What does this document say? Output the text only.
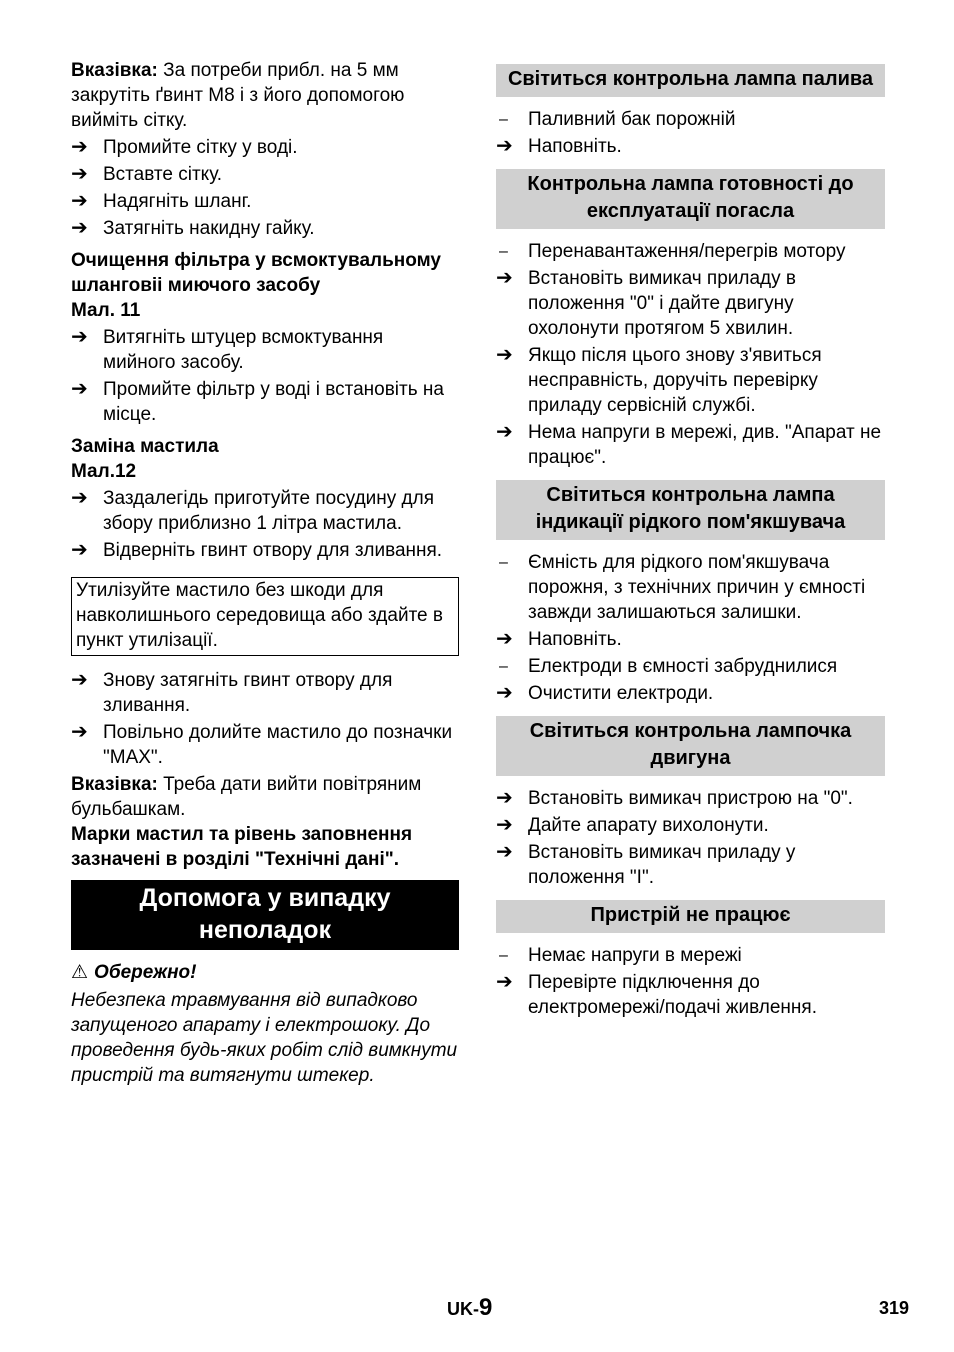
Вказівка: За потреби прибл. на 5 мм закрутіть ґвинт М8 і з його допомогою вийміть сітку.

➔ Промийте сітку у воді.
➔ Вставте сітку.
➔ Надягніть шланг.
➔ Затягніть накидну гайку.

Очищення фільтра у всмоктувальному шланговіі миючого засобу

Мал. 11

➔ Витягніть штуцер всмоктування мийного засобу.
➔ Промийте фільтр у воді і встановіть на місце.

Заміна мастила

Мал.12

➔ Заздалегідь приготуйте посудину для збору приблизно 1 літра мастила.
➔ Відверніть гвинт отвору для зливання.
Утилізуйте мастило без шкоди для навколишнього середовища або здайте в пункт утилізації.
➔ Знову затягніть гвинт отвору для зливання.
➔ Повільно долийте мастило до позначки "MAX".

Вказівка: Треба дати вийти повітряним бульбашкам.

Марки мастил та рівень заповнення зазначені в розділі "Технічні дані".

Допомога у випадку неполадок

⚠ Обережно!

Небезпека травмування від випадково запущеного апарату і електрошоку. До проведення будь-яких робіт слід вимкнути пристрій та витягнути штекер.

Світиться контрольна лампа палива
–	Паливний бак порожній
➔ Наповніть.
Контрольна лампа готовності до експлуатації погасла
–	Перенавантаження/перегрів мотору
➔ Встановіть вимикач приладу в положення "0" і дайте двигуну охолонути протягом 5 хвилин.
➔ Якщо після цього знову з'явиться несправність, доручіть перевірку приладу сервісній службі.
➔ Нема напруги в мережі, див. "Апарат не працює".
Світиться контрольна лампа індикації рідкого пом'якшувача
–	Ємність для рідкого пом'якшувача порожня, з технічних причин у ємності завжди залишаються залишки.
➔ Наповніть.
–	Електроди в ємності забруднилися
➔ Очистити електроди.
Світиться контрольна лампочка двигуна
➔ Встановіть вимикач пристрою на "0".
➔ Дайте апарату вихолонути.
➔ Встановіть вимикач приладу у положення "I".
Пристрій не працює
–	Немає напруги в мережі
➔ Перевірте підключення до електромережі/подачі живлення.
UK-9	319
